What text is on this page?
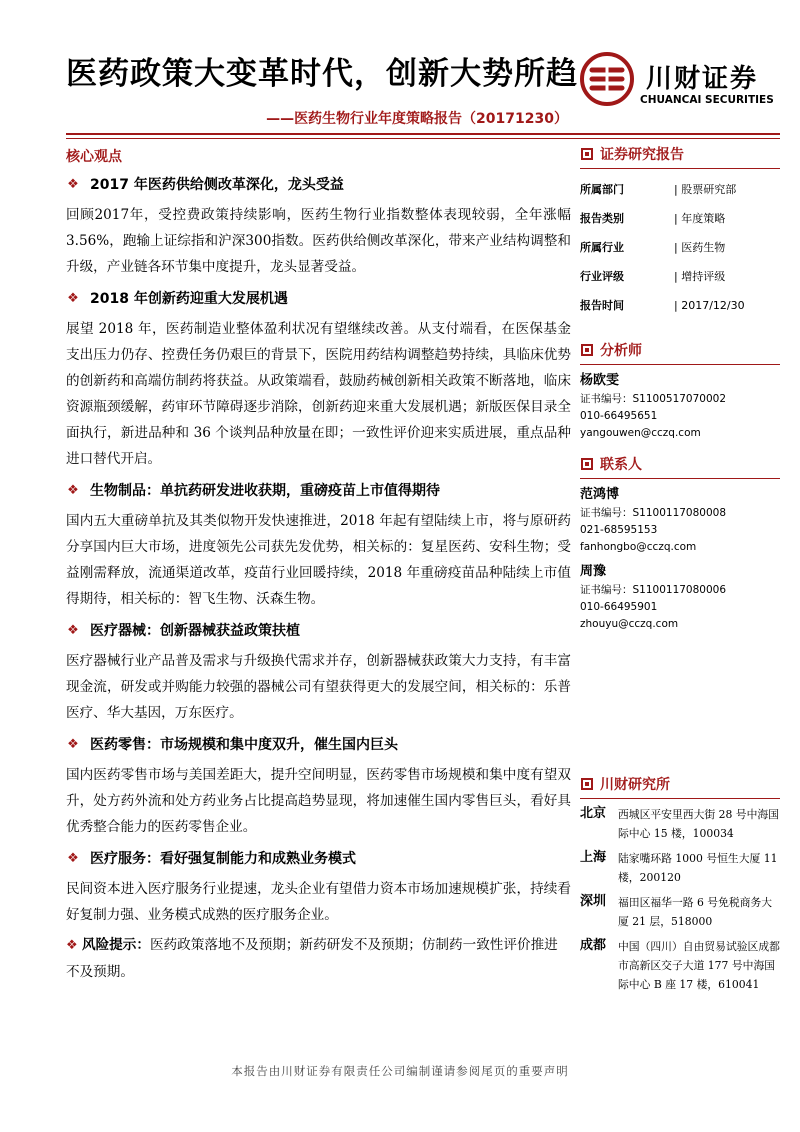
医药政策大变革时代，创新大势所趋
——医药生物行业年度策略报告（20171230）
川财证券
CHUANCAI SECURITIES
核心观点
❖ 2017 年医药供给侧改革深化，龙头受益
回顾2017年，受控费政策持续影响，医药生物行业指数整体表现较弱，全年涨幅3.56%，跑输上证综指和沪深300指数。医药供给侧改革深化，带来产业结构调整和升级，产业链各环节集中度提升，龙头显著受益。
❖ 2018 年创新药迎重大发展机遇
展望 2018 年，医药制造业整体盈利状况有望继续改善。从支付端看，在医保基金支出压力仍存、控费任务仍艰巨的背景下，医院用药结构调整趋势持续，具临床优势的创新药和高端仿制药将获益。从政策端看，鼓励药械创新相关政策不断落地，临床资源瓶颈缓解，药审环节障碍逐步消除，创新药迎来重大发展机遇；新版医保目录全面执行，新进品种和 36 个谈判品种放量在即；一致性评价迎来实质进展，重点品种进口替代开启。
❖ 生物制品：单抗药研发进收获期，重磅疫苗上市值得期待
国内五大重磅单抗及其类似物开发快速推进，2018 年起有望陆续上市，将与原研药分享国内巨大市场，进度领先公司获先发优势，相关标的：复星医药、安科生物；受益刚需释放，流通渠道改革，疫苗行业回暖持续，2018 年重磅疫苗品种陆续上市值得期待，相关标的：智飞生物、沃森生物。
❖ 医疗器械：创新器械获益政策扶植
医疗器械行业产品普及需求与升级换代需求并存，创新器械获政策大力支持，有丰富现金流，研发或并购能力较强的器械公司有望获得更大的发展空间，相关标的：乐普医疗、华大基因，万东医疗。
❖ 医药零售：市场规模和集中度双升，催生国内巨头
国内医药零售市场与美国差距大，提升空间明显，医药零售市场规模和集中度有望双升，处方药外流和处方药业务占比提高趋势显现，将加速催生国内零售巨头，看好具优秀整合能力的医药零售企业。
❖ 医疗服务：看好强复制能力和成熟业务模式
民间资本进入医疗服务行业提速，龙头企业有望借力资本市场加速规模扩张，持续看好复制力强、业务模式成熟的医疗服务企业。
❖ 风险提示：医药政策落地不及预期；新药研发不及预期；仿制药一致性评价推进不及预期。
证券研究报告
所属部门	| 股票研究部
报告类别	| 年度策略
所属行业	| 医药生物
行业评级	| 增持评级
报告时间	| 2017/12/30
分析师
杨欧雯
证书编号：S1100517070002
010-66495651
yangouwen@cczq.com
联系人
范鸿博
证书编号：S1100117080008
021-68595153
fanhongbo@cczq.com
周豫
证书编号：S1100117080006
010-66495901
zhouyu@cczq.com
川财研究所
北京	西城区平安里西大街 28 号中海国际中心 15 楼，100034
上海	陆家嘴环路 1000 号恒生大厦 11 楼，200120
深圳	福田区福华一路 6 号免税商务大厦 21 层，518000
成都	中国（四川）自由贸易试验区成都市高新区交子大道 177 号中海国际中心 B 座 17 楼，610041
本报告由川财证券有限责任公司编制谨请参阅尾页的重要声明
